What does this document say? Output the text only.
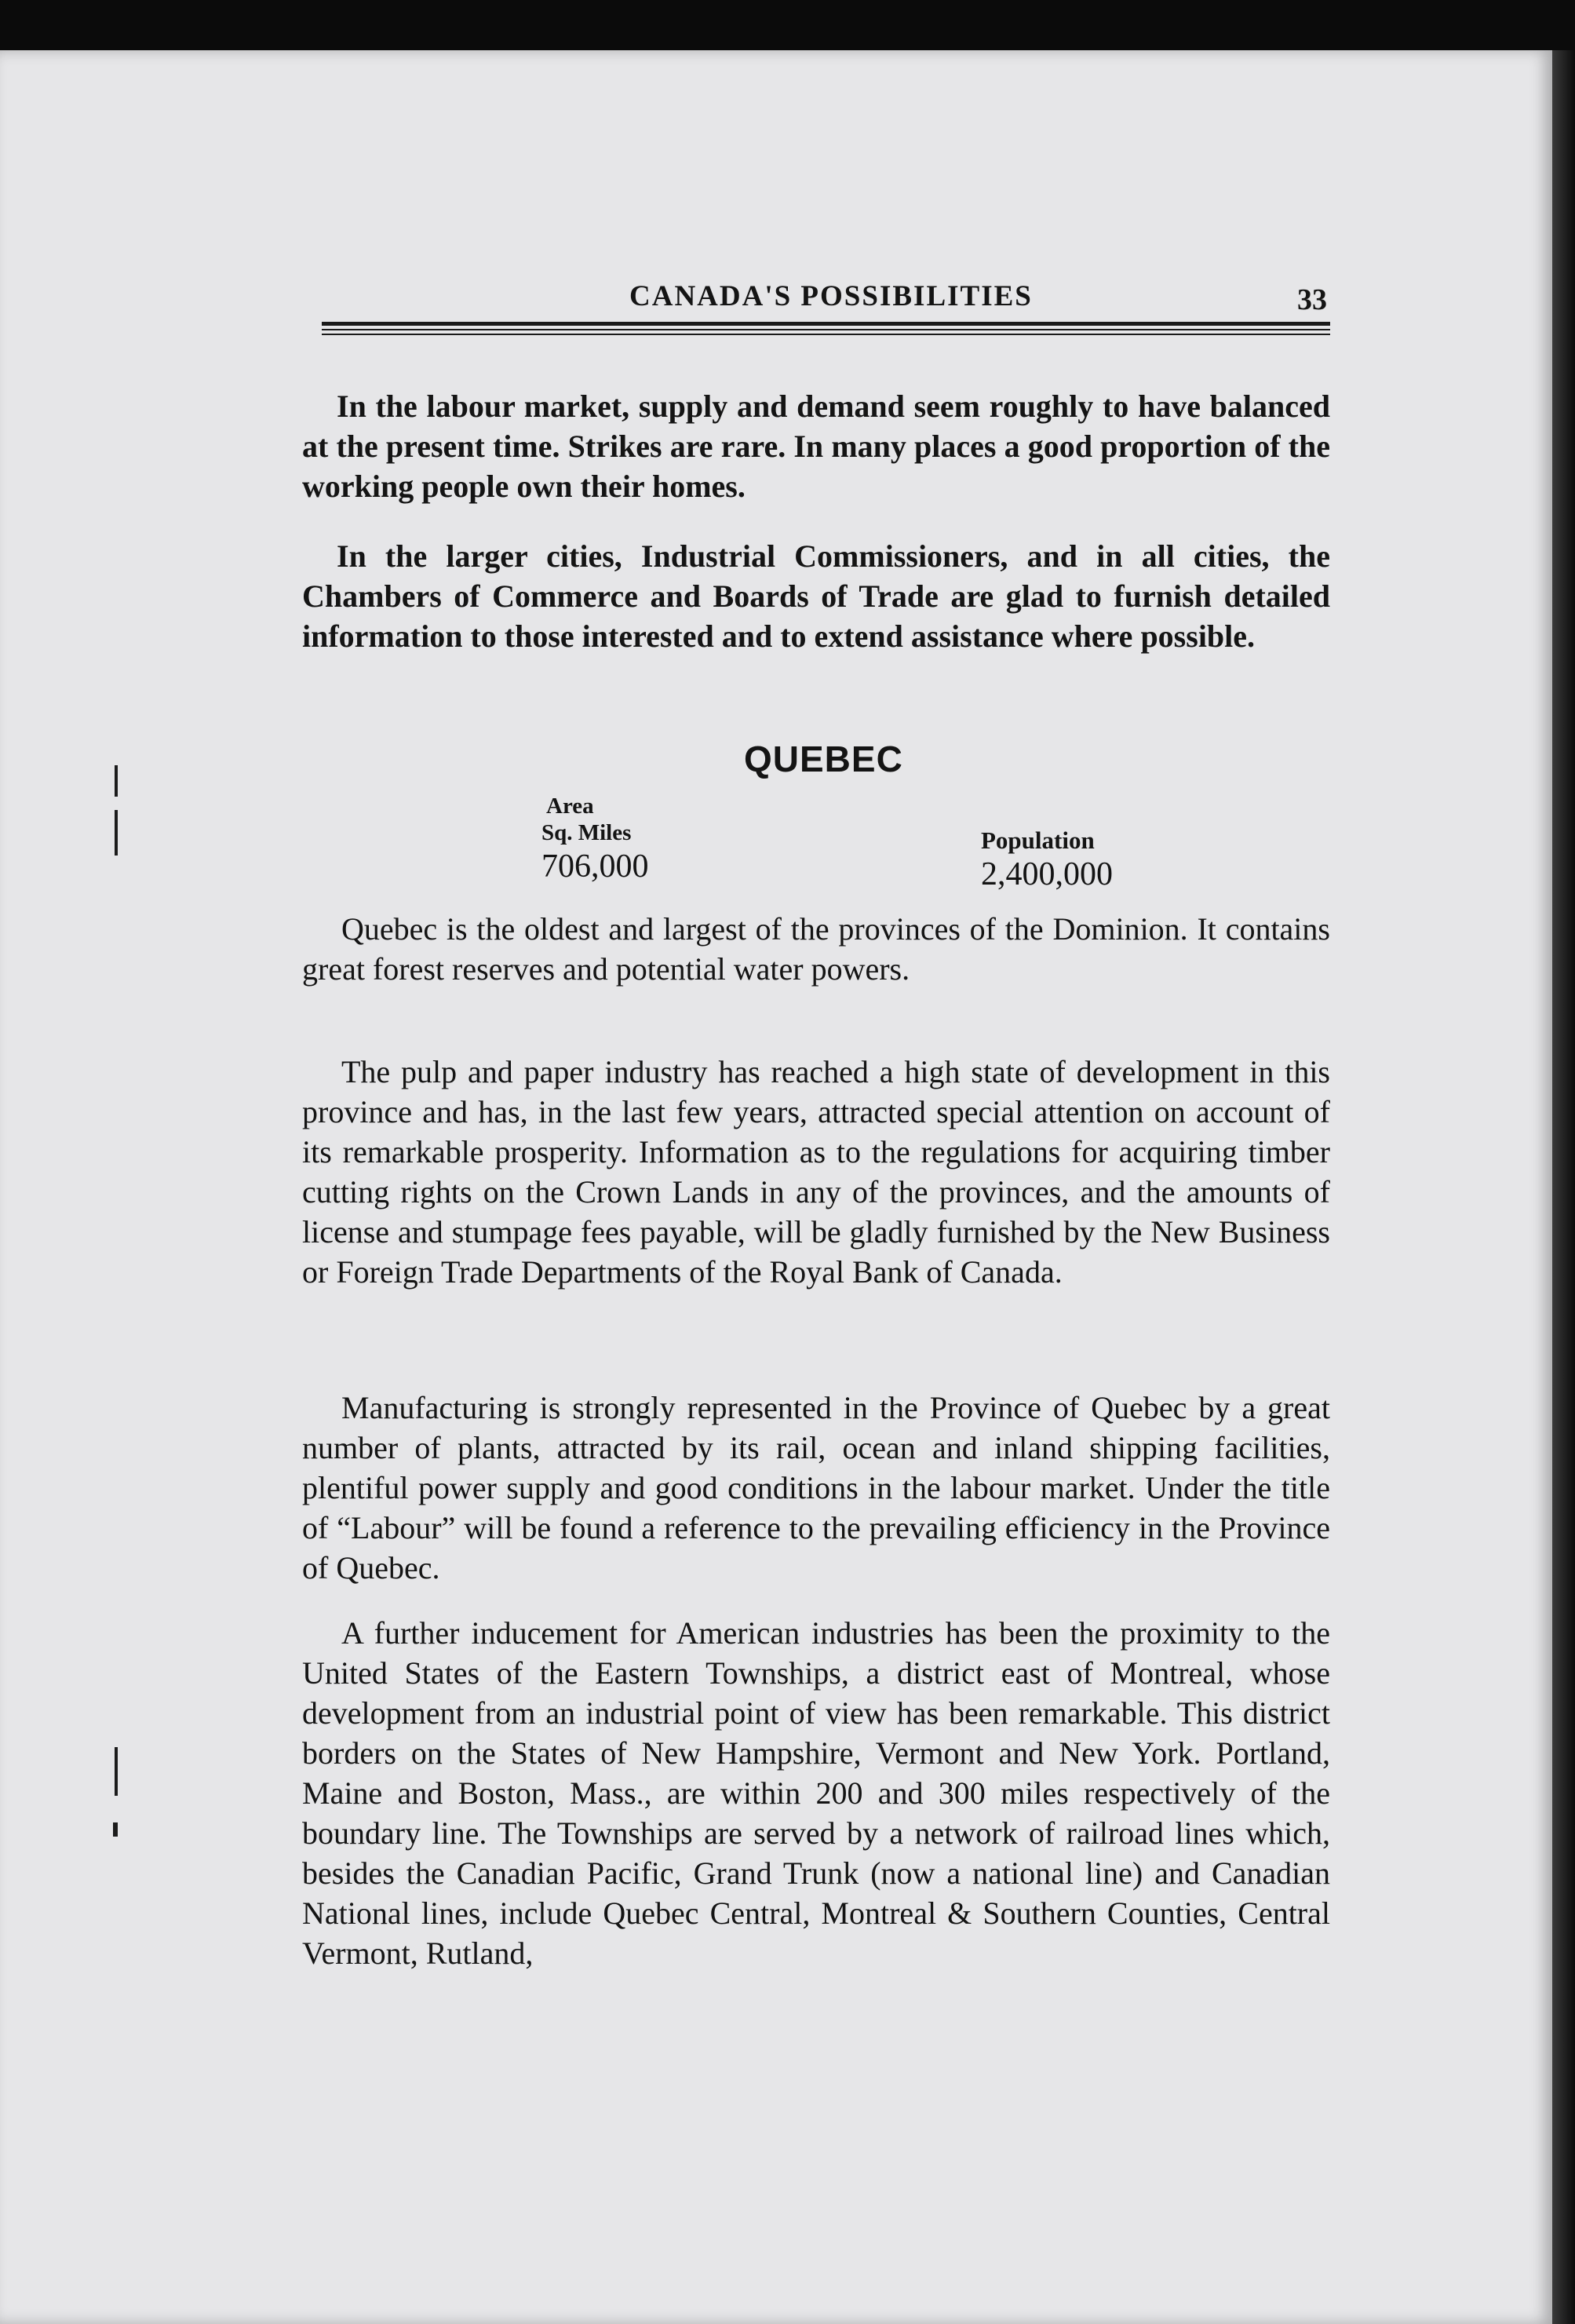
CANADA'S POSSIBILITIES	33

In the labour market, supply and demand seem roughly to have balanced at the present time. Strikes are rare. In many places a good proportion of the working people own their homes.

In the larger cities, Industrial Commissioners, and in all cities, the Chambers of Commerce and Boards of Trade are glad to furnish detailed information to those interested and to extend assistance where possible.

QUEBEC
Area
Sq. Miles
706,000
Population
2,400,000

Quebec is the oldest and largest of the provinces of the Dominion. It contains great forest reserves and potential water powers.

The pulp and paper industry has reached a high state of development in this province and has, in the last few years, attracted special attention on account of its remarkable prosperity. Information as to the regulations for acquiring timber cutting rights on the Crown Lands in any of the provinces, and the amounts of license and stumpage fees payable, will be gladly furnished by the New Business or Foreign Trade Departments of the Royal Bank of Canada.

Manufacturing is strongly represented in the Province of Quebec by a great number of plants, attracted by its rail, ocean and inland shipping facilities, plentiful power supply and good conditions in the labour market. Under the title of “Labour” will be found a reference to the prevailing efficiency in the Province of Quebec.

A further inducement for American industries has been the proximity to the United States of the Eastern Townships, a district east of Montreal, whose development from an industrial point of view has been remarkable. This district borders on the States of New Hampshire, Vermont and New York. Portland, Maine and Boston, Mass., are within 200 and 300 miles respectively of the boundary line. The Townships are served by a network of railroad lines which, besides the Canadian Pacific, Grand Trunk (now a national line) and Canadian National lines, include Quebec Central, Montreal & Southern Counties, Central Vermont, Rutland,
